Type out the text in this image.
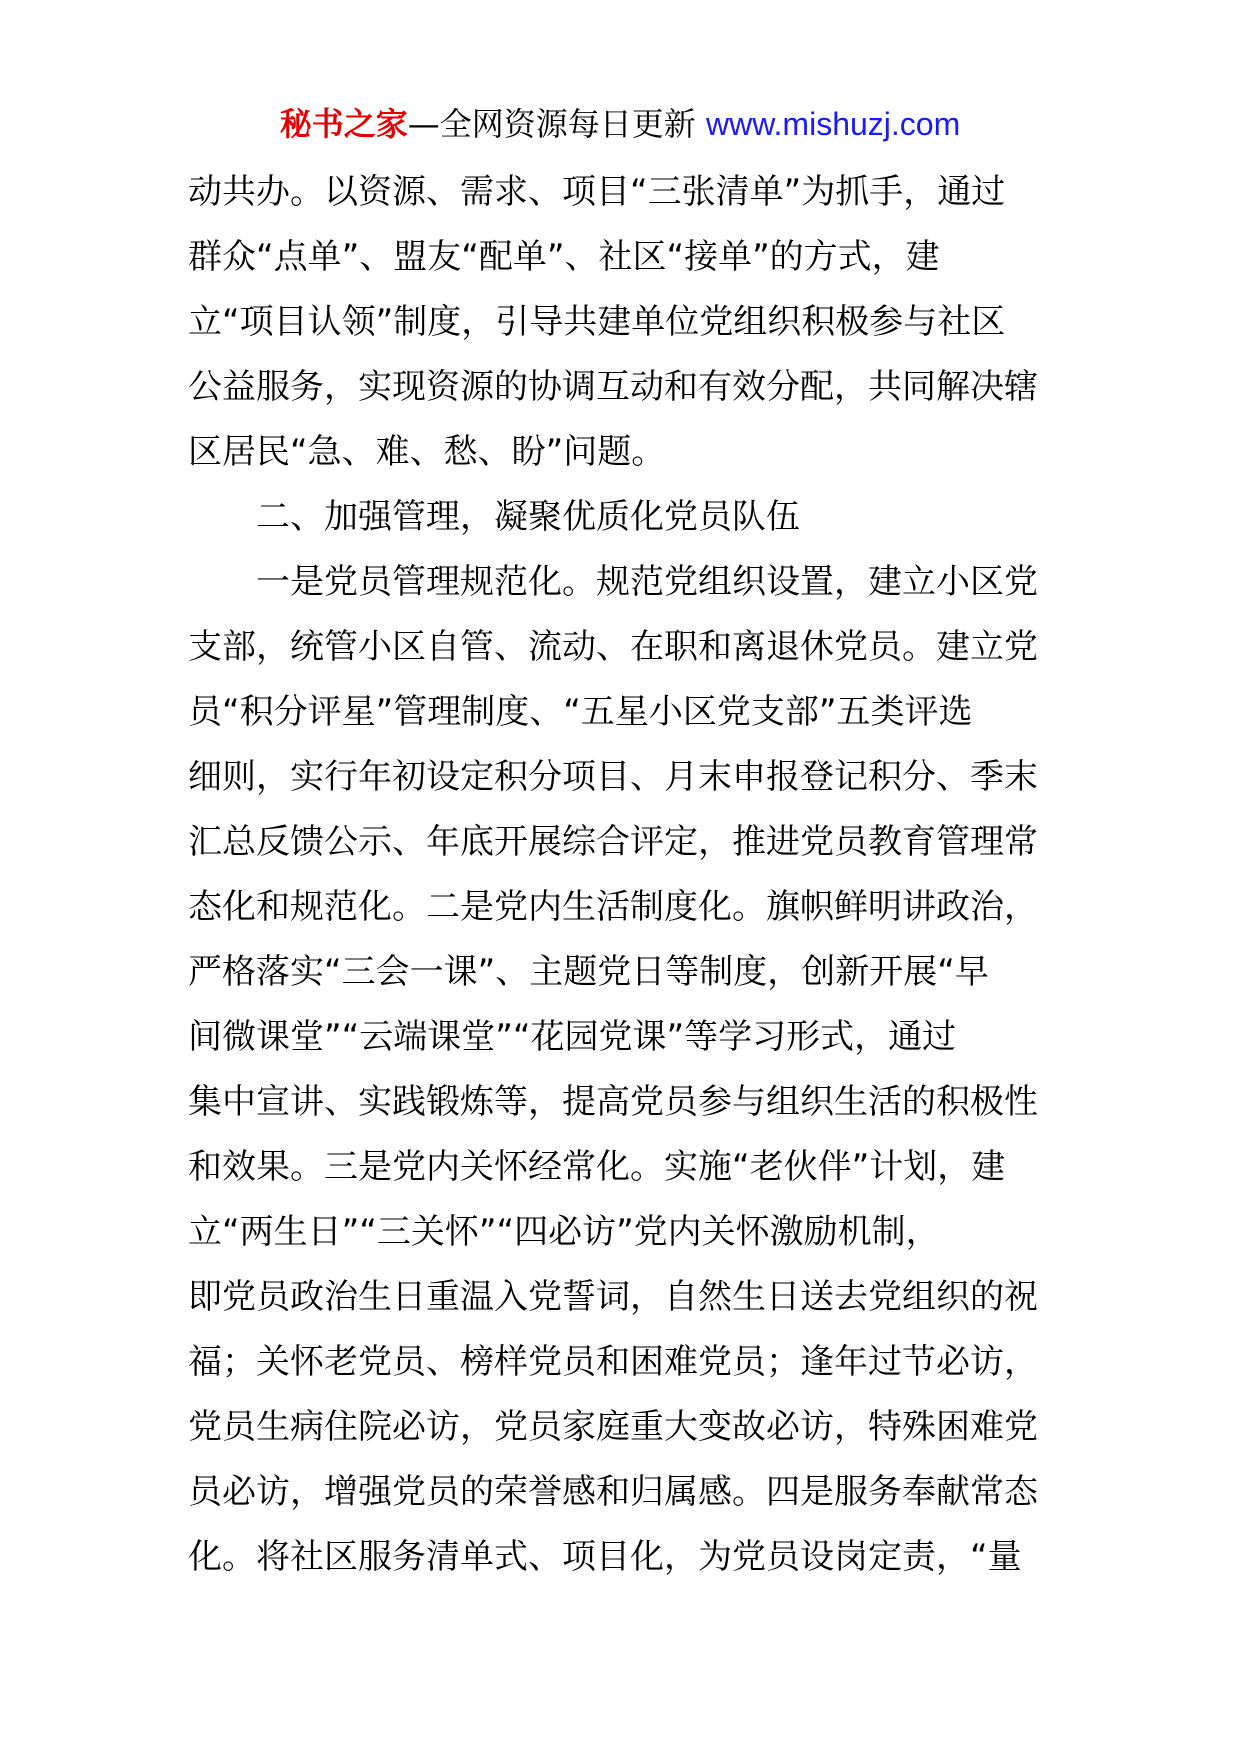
秘书之家—全网资源每日更新 www.mishuzj.com
动共办。以资源、需求、项目“三张清单”为抓手，通过
群众“点单”、盟友“配单”、社区“接单”的方式，建
立“项目认领”制度，引导共建单位党组织积极参与社区
公益服务，实现资源的协调互动和有效分配，共同解决辖
区居民“急、难、愁、盼”问题。
二、加强管理，凝聚优质化党员队伍
一是党员管理规范化。规范党组织设置，建立小区党
支部，统管小区自管、流动、在职和离退休党员。建立党
员“积分评星”管理制度、“五星小区党支部”五类评选
细则，实行年初设定积分项目、月末申报登记积分、季末
汇总反馈公示、年底开展综合评定，推进党员教育管理常
态化和规范化。二是党内生活制度化。旗帜鲜明讲政治，
严格落实“三会一课”、主题党日等制度，创新开展“早
间微课堂”“云端课堂”“花园党课”等学习形式，通过
集中宣讲、实践锻炼等，提高党员参与组织生活的积极性
和效果。三是党内关怀经常化。实施“老伙伴”计划，建
立“两生日”“三关怀”“四必访”党内关怀激励机制，
即党员政治生日重温入党誓词，自然生日送去党组织的祝
福；关怀老党员、榜样党员和困难党员；逢年过节必访，
党员生病住院必访，党员家庭重大变故必访，特殊困难党
员必访，增强党员的荣誉感和归属感。四是服务奉献常态
化。将社区服务清单式、项目化，为党员设岗定责，“量
